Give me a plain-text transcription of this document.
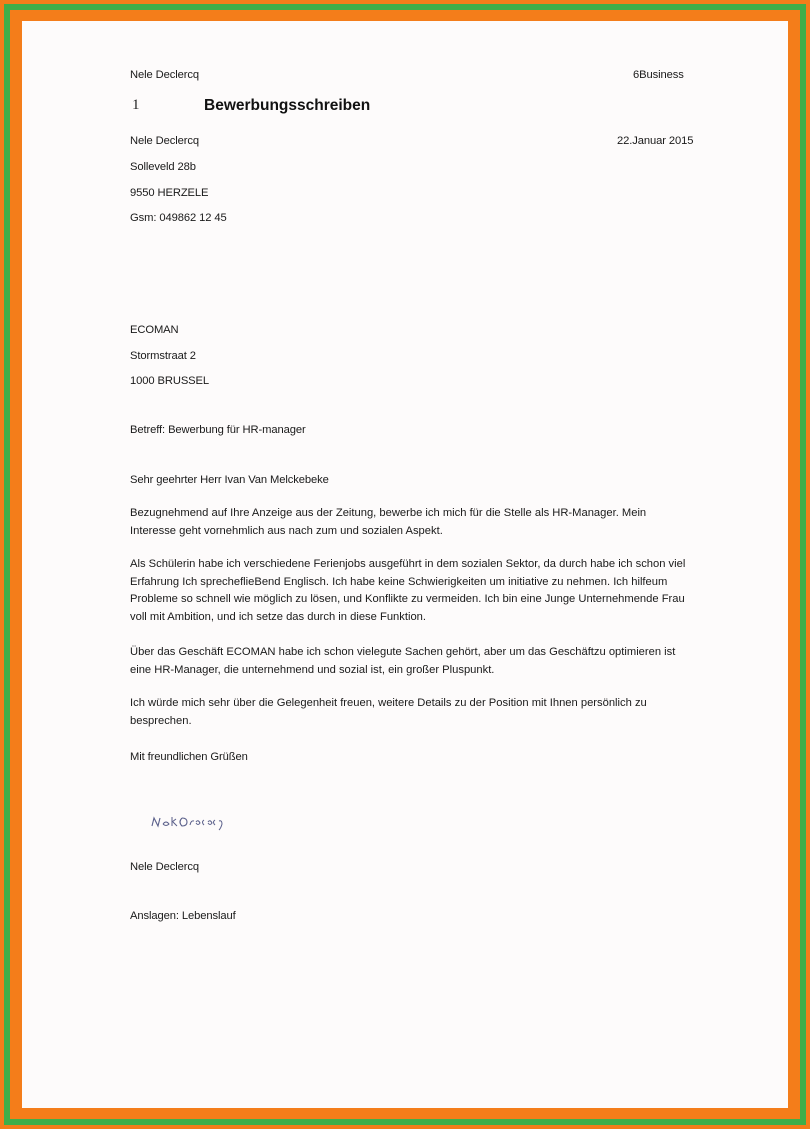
Nele Declercq	6Business
1	Bewerbungsschreiben
Nele Declercq	22.Januar 2015
Solleveld 28b
9550 HERZELE
Gsm: 049862 12 45
ECOMAN
Stormstraat 2
1000 BRUSSEL
Betreff: Bewerbung für HR-manager
Sehr geehrter Herr Ivan Van Melckebeke
Bezugnehmend auf Ihre Anzeige aus der Zeitung, bewerbe ich mich für die Stelle als HR-Manager. Mein
Interesse geht vornehmlich aus nach zum und sozialen Aspekt.
Als Schülerin habe ich verschiedene Ferienjobs ausgeführt in dem sozialen Sektor, da durch habe ich schon viel
Erfahrung Ich sprecheflieBend Englisch. Ich habe keine Schwierigkeiten um initiative zu nehmen. Ich hilfeum
Probleme so schnell wie möglich zu lösen, und Konflikte zu vermeiden. Ich bin eine Junge Unternehmende Frau
voll mit Ambition, und ich setze das durch in diese Funktion.
Über das Geschäft ECOMAN habe ich schon vielegute Sachen gehört, aber um das Geschäftzu optimieren ist
eine HR-Manager, die unternehmend und sozial ist, ein großer Pluspunkt.
Ich würde mich sehr über die Gelegenheit freuen, weitere Details zu der Position mit Ihnen persönlich zu
besprechen.
Mit freundlichen Grüßen
Nele Declercq
Anslagen: Lebenslauf
